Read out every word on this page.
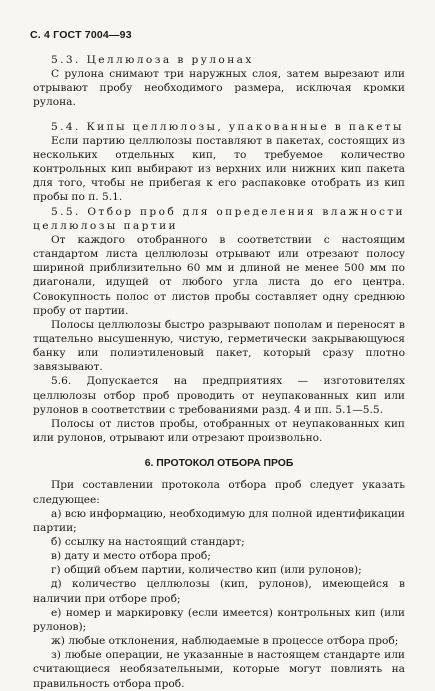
С. 4 ГОСТ 7004—93

5.3. Целлюлоза в рулонах

С рулона снимают три наружных слоя, затем вырезают или отрывают пробу необходимого размера, исключая кромки рулона.

5.4. Кипы целлюлозы, упакованные в пакеты

Если партию целлюлозы поставляют в пакетах, состоящих из нескольких отдельных кип, то требуемое количество контрольных кип выбирают из верхних или нижних кип пакета для того, чтобы не прибегая к его распаковке отобрать из кип пробы по п. 5.1.

5.5. Отбор проб для определения влажности целлюлозы партии

От каждого отобранного в соответствии с настоящим стандартом листа целлюлозы отрывают или отрезают полосу шириной приблизительно 60 мм и длиной не менее 500 мм по диагонали, идущей от любого угла листа до его центра. Совокупность полос от листов пробы составляет одну среднюю пробу от партии.

Полосы целлюлозы быстро разрывают пополам и переносят в тщательно высушенную, чистую, герметически закрывающуюся банку или полиэтиленовый пакет, который сразу плотно завязывают.

5.6. Допускается на предприятиях — изготовителях целлюлозы отбор проб проводить от неупакованных кип или рулонов в соответствии с требованиями разд. 4 и пп. 5.1—5.5.

Полосы от листов пробы, отобранных от неупакованных кип или рулонов, отрывают или отрезают произвольно.

6. ПРОТОКОЛ ОТБОРА ПРОБ

При составлении протокола отбора проб следует указать следующее:

а) всю информацию, необходимую для полной идентификации партии;

б) ссылку на настоящий стандарт;

в) дату и место отбора проб;

г) общий объем партии, количество кип (или рулонов);

д) количество целлюлозы (кип, рулонов), имеющейся в наличии при отборе проб;

е) номер и маркировку (если имеется) контрольных кип (или рулонов);

ж) любые отклонения, наблюдаемые в процессе отбора проб;

з) любые операции, не указанные в настоящем стандарте или считающиеся необязательными, которые могут повлиять на правильность отбора проб.
